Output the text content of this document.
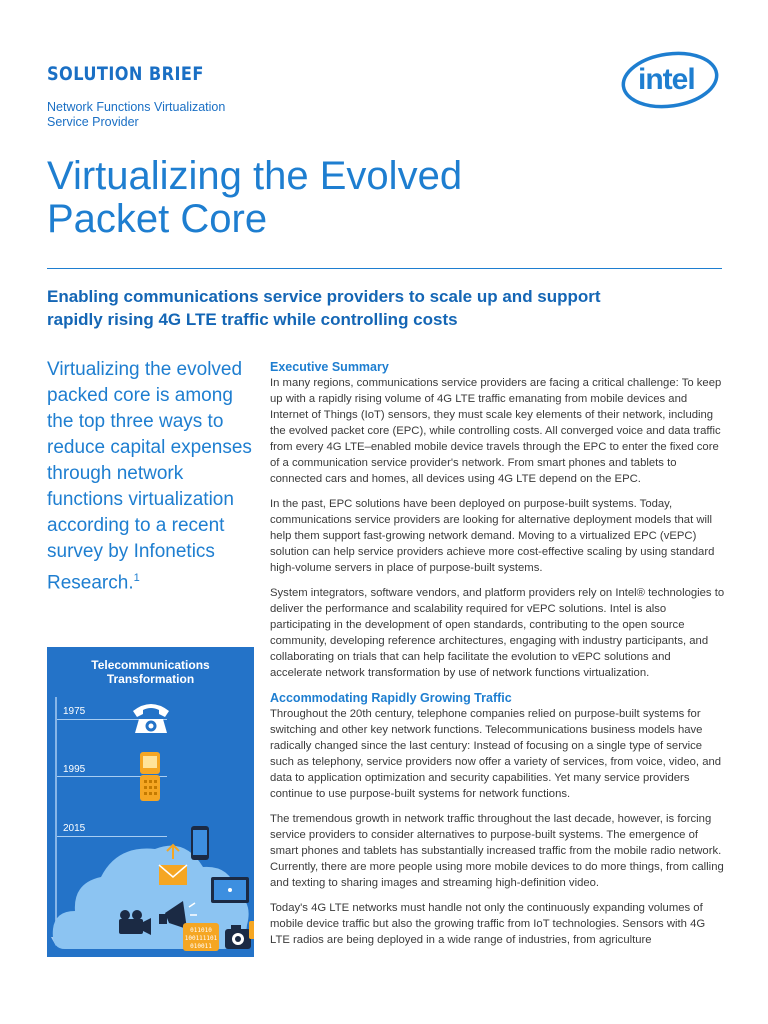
SOLUTION BRIEF
Network Functions Virtualization
Service Provider
intel
Virtualizing the Evolved
Packet Core
Enabling communications service providers to scale up and support
rapidly rising 4G LTE traffic while controlling costs
Virtualizing the evolved packed core is among the top three ways to reduce capital expenses through network functions virtualization according to a recent survey by Infonetics Research.$^1$
Telecommunications
Transformation
1975
1995
2015
011010
100111101
010011

Executive Summary

In many regions, communications service providers are facing a critical challenge: To keep up with a rapidly rising volume of 4G LTE traffic emanating from mobile devices and Internet of Things (IoT) sensors, they must scale key elements of their network, including the evolved packet core (EPC), while controlling costs. All converged voice and data traffic from every 4G LTE–enabled mobile device travels through the EPC to enter the fixed core of a communication service provider's network. From smart phones and tablets to connected cars and homes, all devices using 4G LTE depend on the EPC.

In the past, EPC solutions have been deployed on purpose-built systems. Today, communications service providers are looking for alternative deployment models that will help them support fast-growing network demand. Moving to a virtualized EPC (vEPC) solution can help service providers achieve more cost-effective scaling by using standard high-volume servers in place of purpose-built systems.

System integrators, software vendors, and platform providers rely on Intel® technologies to deliver the performance and scalability required for vEPC solutions. Intel is also participating in the development of open standards, contributing to the open source community, developing reference architectures, engaging with industry participants, and collaborating on trials that can help facilitate the evolution to vEPC solutions and accelerate network transformation by use of network functions virtualization.

Accommodating Rapidly Growing Traffic

Throughout the 20th century, telephone companies relied on purpose-built systems for switching and other key network functions. Telecommunications business models have radically changed since the last century: Instead of focusing on a single type of service such as telephony, service providers now offer a variety of services, from voice, video, and data to application optimization and security capabilities. Yet many service providers continue to use purpose-built systems for network functions.

The tremendous growth in network traffic throughout the last decade, however, is forcing service providers to consider alternatives to purpose-built systems. The emergence of smart phones and tablets has substantially increased traffic from the mobile radio network. Currently, there are more people using more mobile devices to do more things, from calling and texting to sharing images and streaming high-definition video.

Today's 4G LTE networks must handle not only the continuously expanding volumes of mobile device traffic but also the growing traffic from IoT technologies. Sensors with 4G LTE radios are being deployed in a wide range of industries, from agriculture
